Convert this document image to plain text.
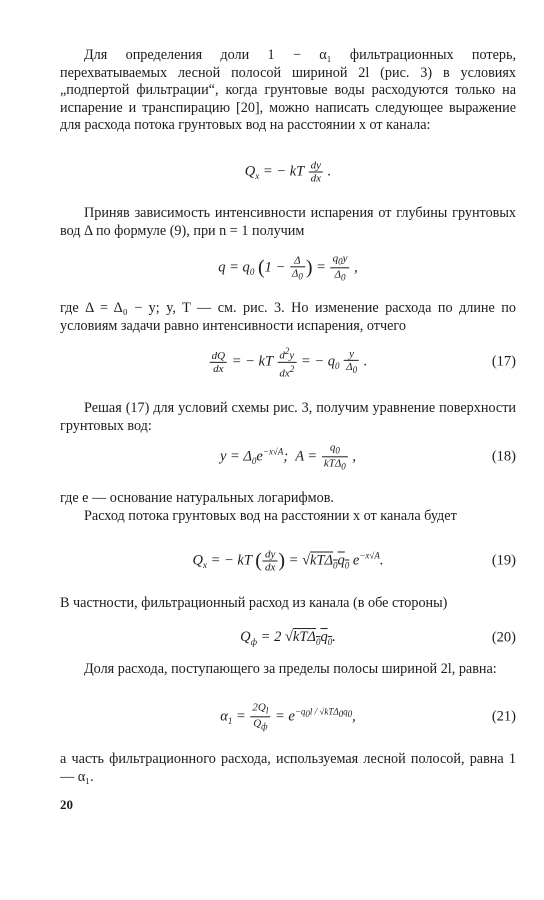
Для определения доли 1 − α₁ фильтрационных потерь, перехватываемых лесной полосой шириной 2l (рис. 3) в условиях „подпертой фильтрации“, когда грунтовые воды расходуются только на испарение и транспирацию [20], можно написать следующее выражение для расхода потока грунтовых вод на расстоянии x от канала:

$Q_x$ = − kT $\frac{dy}{dx}$ .

Приняв зависимость интенсивности испарения от глубины грунтовых вод Δ по формуле (9), при n = 1 получим

$q = q_0$ ($1 - \frac{\Delta}{\Delta_0}$ ) = $\frac{q_0y}{\Delta_0}$ ,

где Δ = Δ₀ − y; y, T — см. рис. 3. Но изменение расхода по длине по условиям задачи равно интенсивности испарения, отчего

$\frac{dQ}{dx}$ = − kT $\frac{d^2y}{dx^2}$ = − $q_0 \frac{y}{\Delta_0}$ .	(17)

Решая (17) для условий схемы рис. 3, получим уравнение поверхности грунтовых вод:

$y = \Delta_0e^{-x√A}$;  $A = \frac{q_0}{kT\Delta_0}$ ,	(18)

где e — основание натуральных логарифмов.

Расход потока грунтовых вод на расстоянии x от канала будет

$Q_x$ = − kT ( $\frac{dy}{dx}$ ) = $√kT\Delta_0q_0$ $e^{-x√A}$.	(19)

В частности, фильтрационный расход из канала (в обе стороны)

$Q_ф = 2$ $√kT\Delta_0q_0$.	(20)

Доля расхода, поступающего за пределы полосы шириной 2l, равна:

$\alpha_1 = \frac{2Q_l}{Q_ф} = e^{-q_0l / √kT\Delta_0q_0}$,	(21)

а часть фильтрационного расхода, используемая лесной полосой, равна 1 — α₁.

20
